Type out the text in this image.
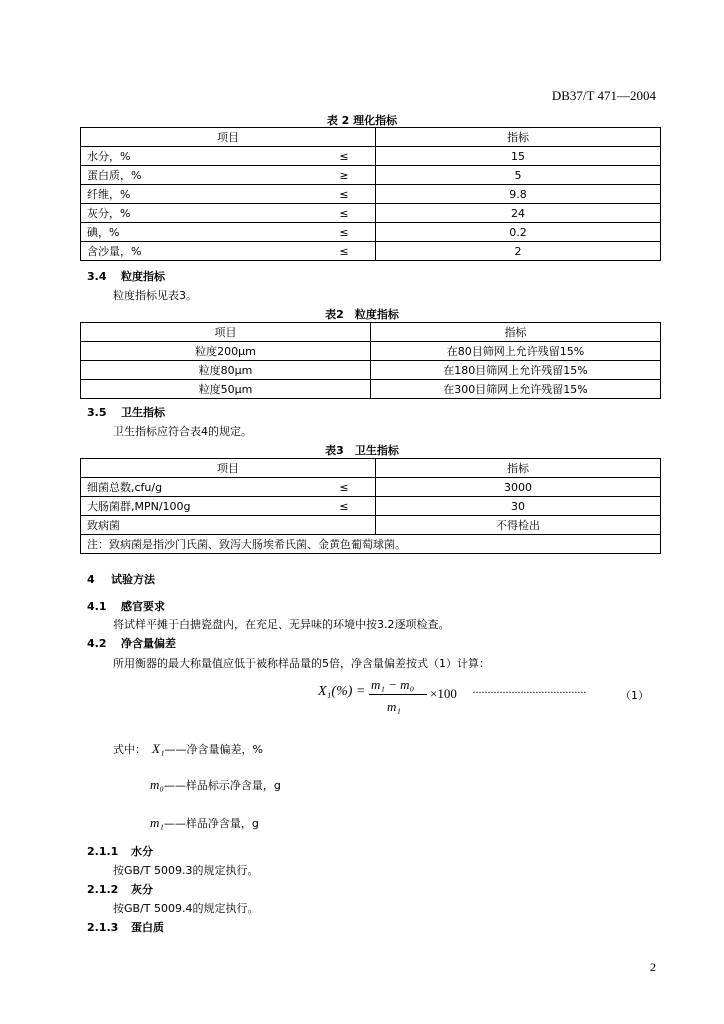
DB37/T 471—2004
表 2 理化指标
项目		指标
水分，%	≤	15
蛋白质，%	≥	5
纤维，%	≤	9.8
灰分，%	≤	24
碘，%	≤	0.2
含沙量，%	≤	2
3.4 粒度指标
粒度指标见表3。
表2　粒度指标
项目	指标
粒度200μm	在80目筛网上允许残留15%
粒度80μm	在180目筛网上允许残留15%
粒度50μm	在300目筛网上允许残留15%
3.5 卫生指标
卫生指标应符合表4的规定。
表3　卫生指标
项目		指标
细菌总数,cfu/g	≤	3000
大肠菌群,MPN/100g	≤	30
致病菌		不得检出
注：致病菌是指沙门氏菌、致泻大肠埃希氏菌、金黄色葡萄球菌。		
4 试验方法
4.1 感官要求
将试样平摊于白搪瓷盘内，在充足、无异味的环境中按3.2逐项检查。
4.2 净含量偏差
所用衡器的最大称量值应低于被称样品量的5倍，净含量偏差按式（1）计算：
X₁(%) = m₁ − m₀
m₁
×100 ······································	（1）
式中： X₁——净含量偏差，%
m₀——样品标示净含量，g
m₁——样品净含量，g
2.1.1 水分
按GB/T 5009.3的规定执行。
2.1.2 灰分
按GB/T 5009.4的规定执行。
2.1.3 蛋白质
2
